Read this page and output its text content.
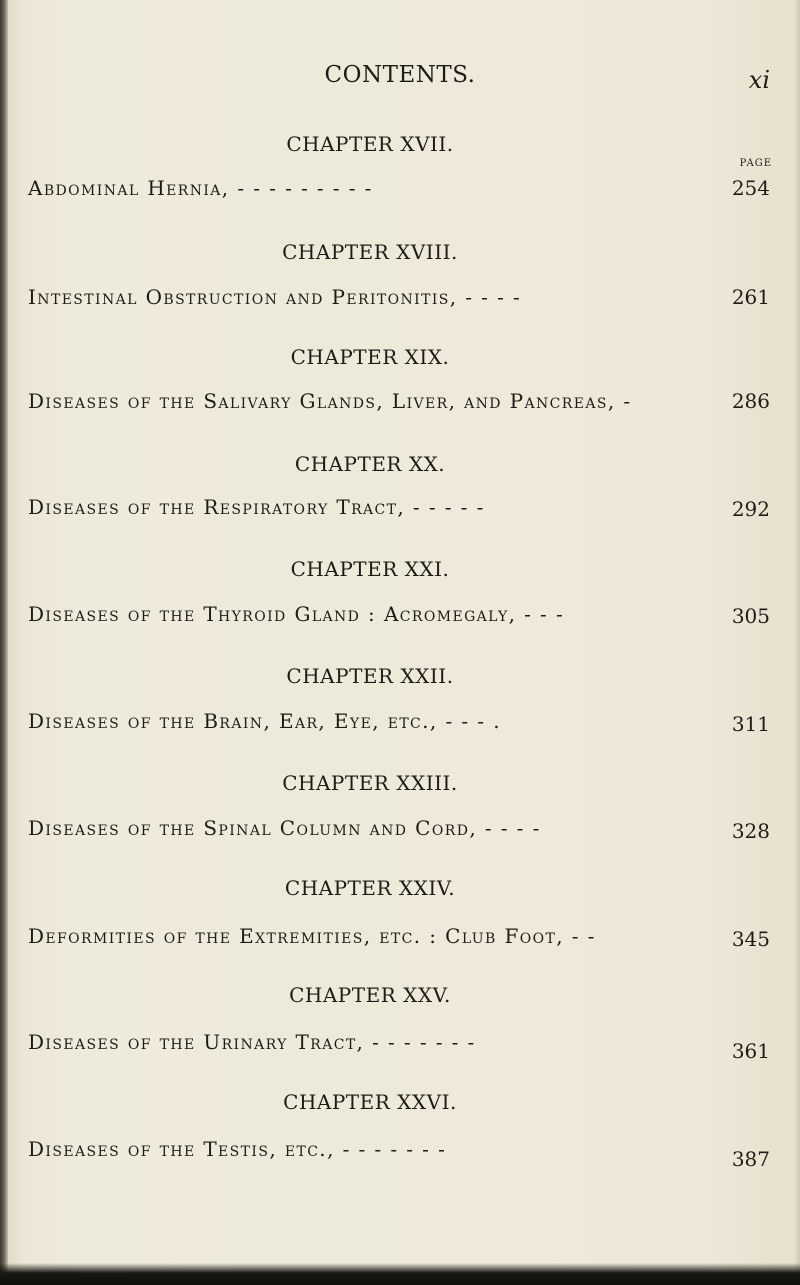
CONTENTS.	xi
PAGE
CHAPTER XVII.
Abdominal Hernia, - - - - - - - - -	254
CHAPTER XVIII.
Intestinal Obstruction and Peritonitis, - - - -	261
CHAPTER XIX.
Diseases of the Salivary Glands, Liver, and Pancreas, -	286
CHAPTER XX.
Diseases of the Respiratory Tract, - - - - -	292
CHAPTER XXI.
Diseases of the Thyroid Gland : Acromegaly, - - -	305
CHAPTER XXII.
Diseases of the Brain, Ear, Eye, etc., - - - .	311
CHAPTER XXIII.
Diseases of the Spinal Column and Cord, - - - -	328
CHAPTER XXIV.
Deformities of the Extremities, etc. : Club Foot, - -	345
CHAPTER XXV.
Diseases of the Urinary Tract, - - - - - - -	361
CHAPTER XXVI.
Diseases of the Testis, etc., - - - - - - -	387
